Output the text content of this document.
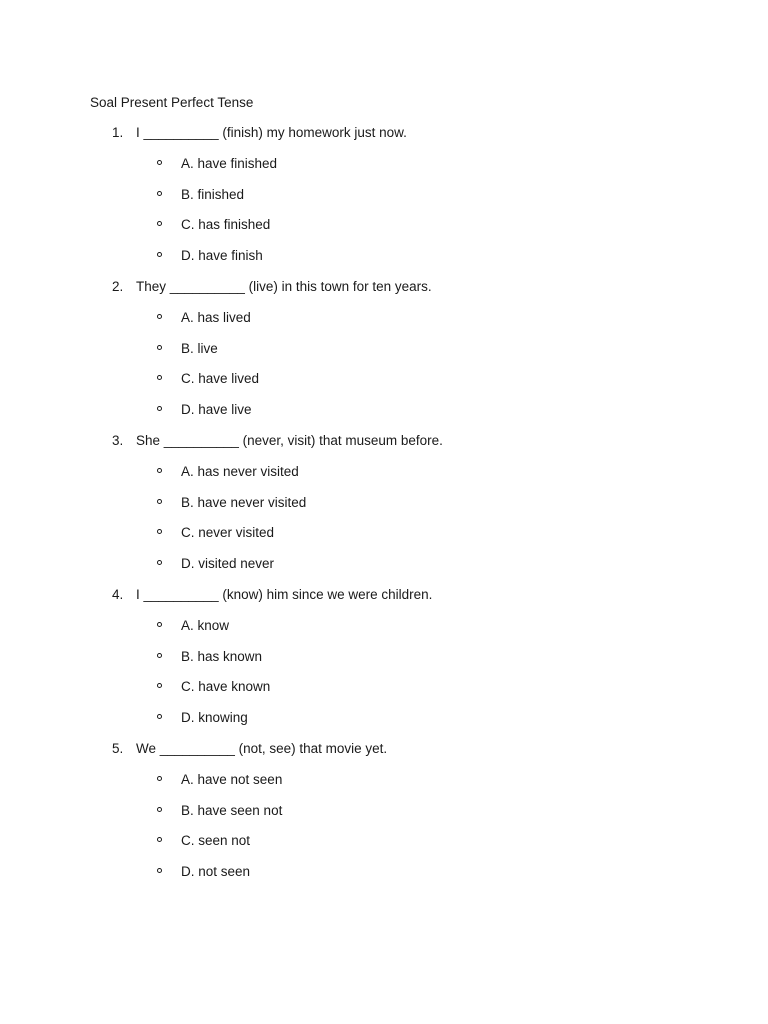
Soal Present Perfect Tense
1. I __________ (finish) my homework just now.
A. have finished
B. finished
C. has finished
D. have finish
2. They __________ (live) in this town for ten years.
A. has lived
B. live
C. have lived
D. have live
3. She __________ (never, visit) that museum before.
A. has never visited
B. have never visited
C. never visited
D. visited never
4. I __________ (know) him since we were children.
A. know
B. has known
C. have known
D. knowing
5. We __________ (not, see) that movie yet.
A. have not seen
B. have seen not
C. seen not
D. not seen
